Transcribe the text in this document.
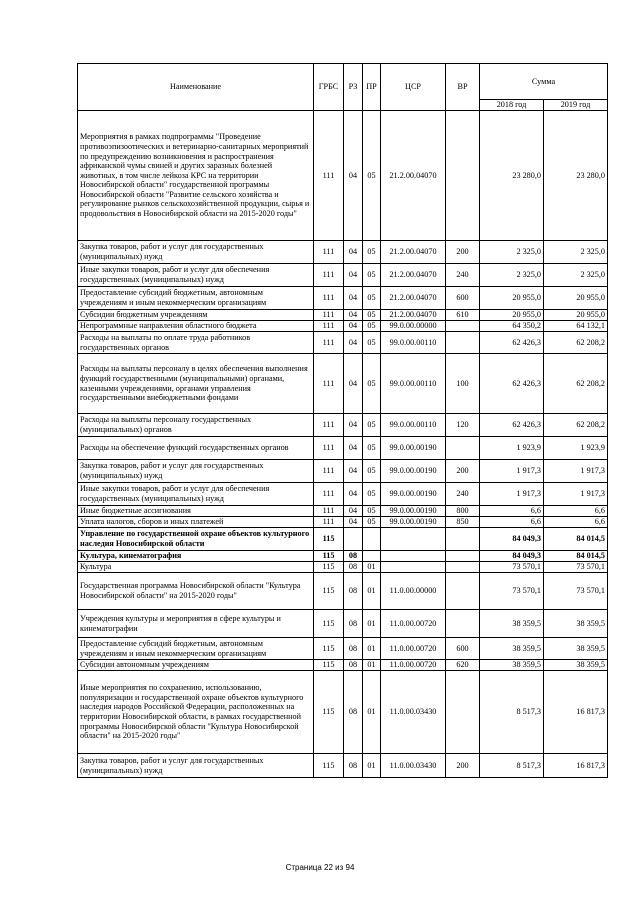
Наименование	ГРБС	РЗ	ПР	ЦСР	ВР	Сумма	
						2018 год	2019 год
Мероприятия в рамках подпрограммы "Проведение противоэпизоотических и ветеринарно-санитарных мероприятий по предупреждению возникновения и распространения африканской чумы свиней и других заразных болезней животных, в том числе лейкоза КРС на территории Новосибирской области" государственной программы Новосибирской области "Развитие сельского хозяйства и регулирование рынков сельскохозяйственной продукции, сырья и продовольствия в Новосибирской области на 2015-2020 годы"	111	04	05	21.2.00.04070		23 280,0	23 280,0
Закупка товаров, работ и услуг для государственных (муниципальных) нужд	111	04	05	21.2.00.04070	200	2 325,0	2 325,0
Иные закупки товаров, работ и услуг для обеспечения государственных (муниципальных) нужд	111	04	05	21.2.00.04070	240	2 325,0	2 325,0
Предоставление субсидий бюджетным, автономным учреждениям и иным некоммерческим организациям	111	04	05	21.2.00.04070	600	20 955,0	20 955,0
Субсидии бюджетным учреждениям	111	04	05	21.2.00.04070	610	20 955,0	20 955,0
Непрограммные направления областного бюджета	111	04	05	99.0.00.00000		64 350,2	64 132,1
Расходы на выплаты по оплате труда работников государственных органов	111	04	05	99.0.00.00110		62 426,3	62 208,2
Расходы на выплаты персоналу в целях обеспечения выполнения функций государственными (муниципальными) органами, казенными учреждениями, органами управления государственными внебюджетными фондами	111	04	05	99.0.00.00110	100	62 426,3	62 208,2
Расходы на выплаты персоналу государственных (муниципальных) органов	111	04	05	99.0.00.00110	120	62 426,3	62 208,2
Расходы на обеспечение функций государственных органов	111	04	05	99.0.00.00190		1 923,9	1 923,9
Закупка товаров, работ и услуг для государственных (муниципальных) нужд	111	04	05	99.0.00.00190	200	1 917,3	1 917,3
Иные закупки товаров, работ и услуг для обеспечения государственных (муниципальных) нужд	111	04	05	99.0.00.00190	240	1 917,3	1 917,3
Иные бюджетные ассигнования	111	04	05	99.0.00.00190	800	6,6	6,6
Уплата налогов, сборов и иных платежей	111	04	05	99.0.00.00190	850	6,6	6,6
Управление по государственной охране объектов культурного наследия Новосибирской области	115					84 049,3	84 014,5
Культура, кинематография	115	08				84 049,3	84 014,5
Культура	115	08	01			73 570,1	73 570,1
Государственная программа Новосибирской области "Культура Новосибирской области" на 2015-2020 годы"	115	08	01	11.0.00.00000		73 570,1	73 570,1
Учреждения культуры и мероприятия в сфере культуры и кинематографии	115	08	01	11.0.00.00720		38 359,5	38 359,5
Предоставление субсидий бюджетным, автономным учреждениям и иным некоммерческим организациям	115	08	01	11.0.00.00720	600	38 359,5	38 359,5
Субсидии автономным учреждениям	115	08	01	11.0.00.00720	620	38 359,5	38 359,5
Иные мероприятия по сохранению, использованию, популяризации и государственной охране объектов культурного наследия народов Российской Федерации, расположенных на территории Новосибирской области, в рамках государственной программы Новосибирской области "Культура Новосибирской области" на 2015-2020 годы"	115	08	01	11.0.00.03430		8 517,3	16 817,3
Закупка товаров, работ и услуг для государственных (муниципальных) нужд	115	08	01	11.0.00.03430	200	8 517,3	16 817,3
Страница 22 из 94
